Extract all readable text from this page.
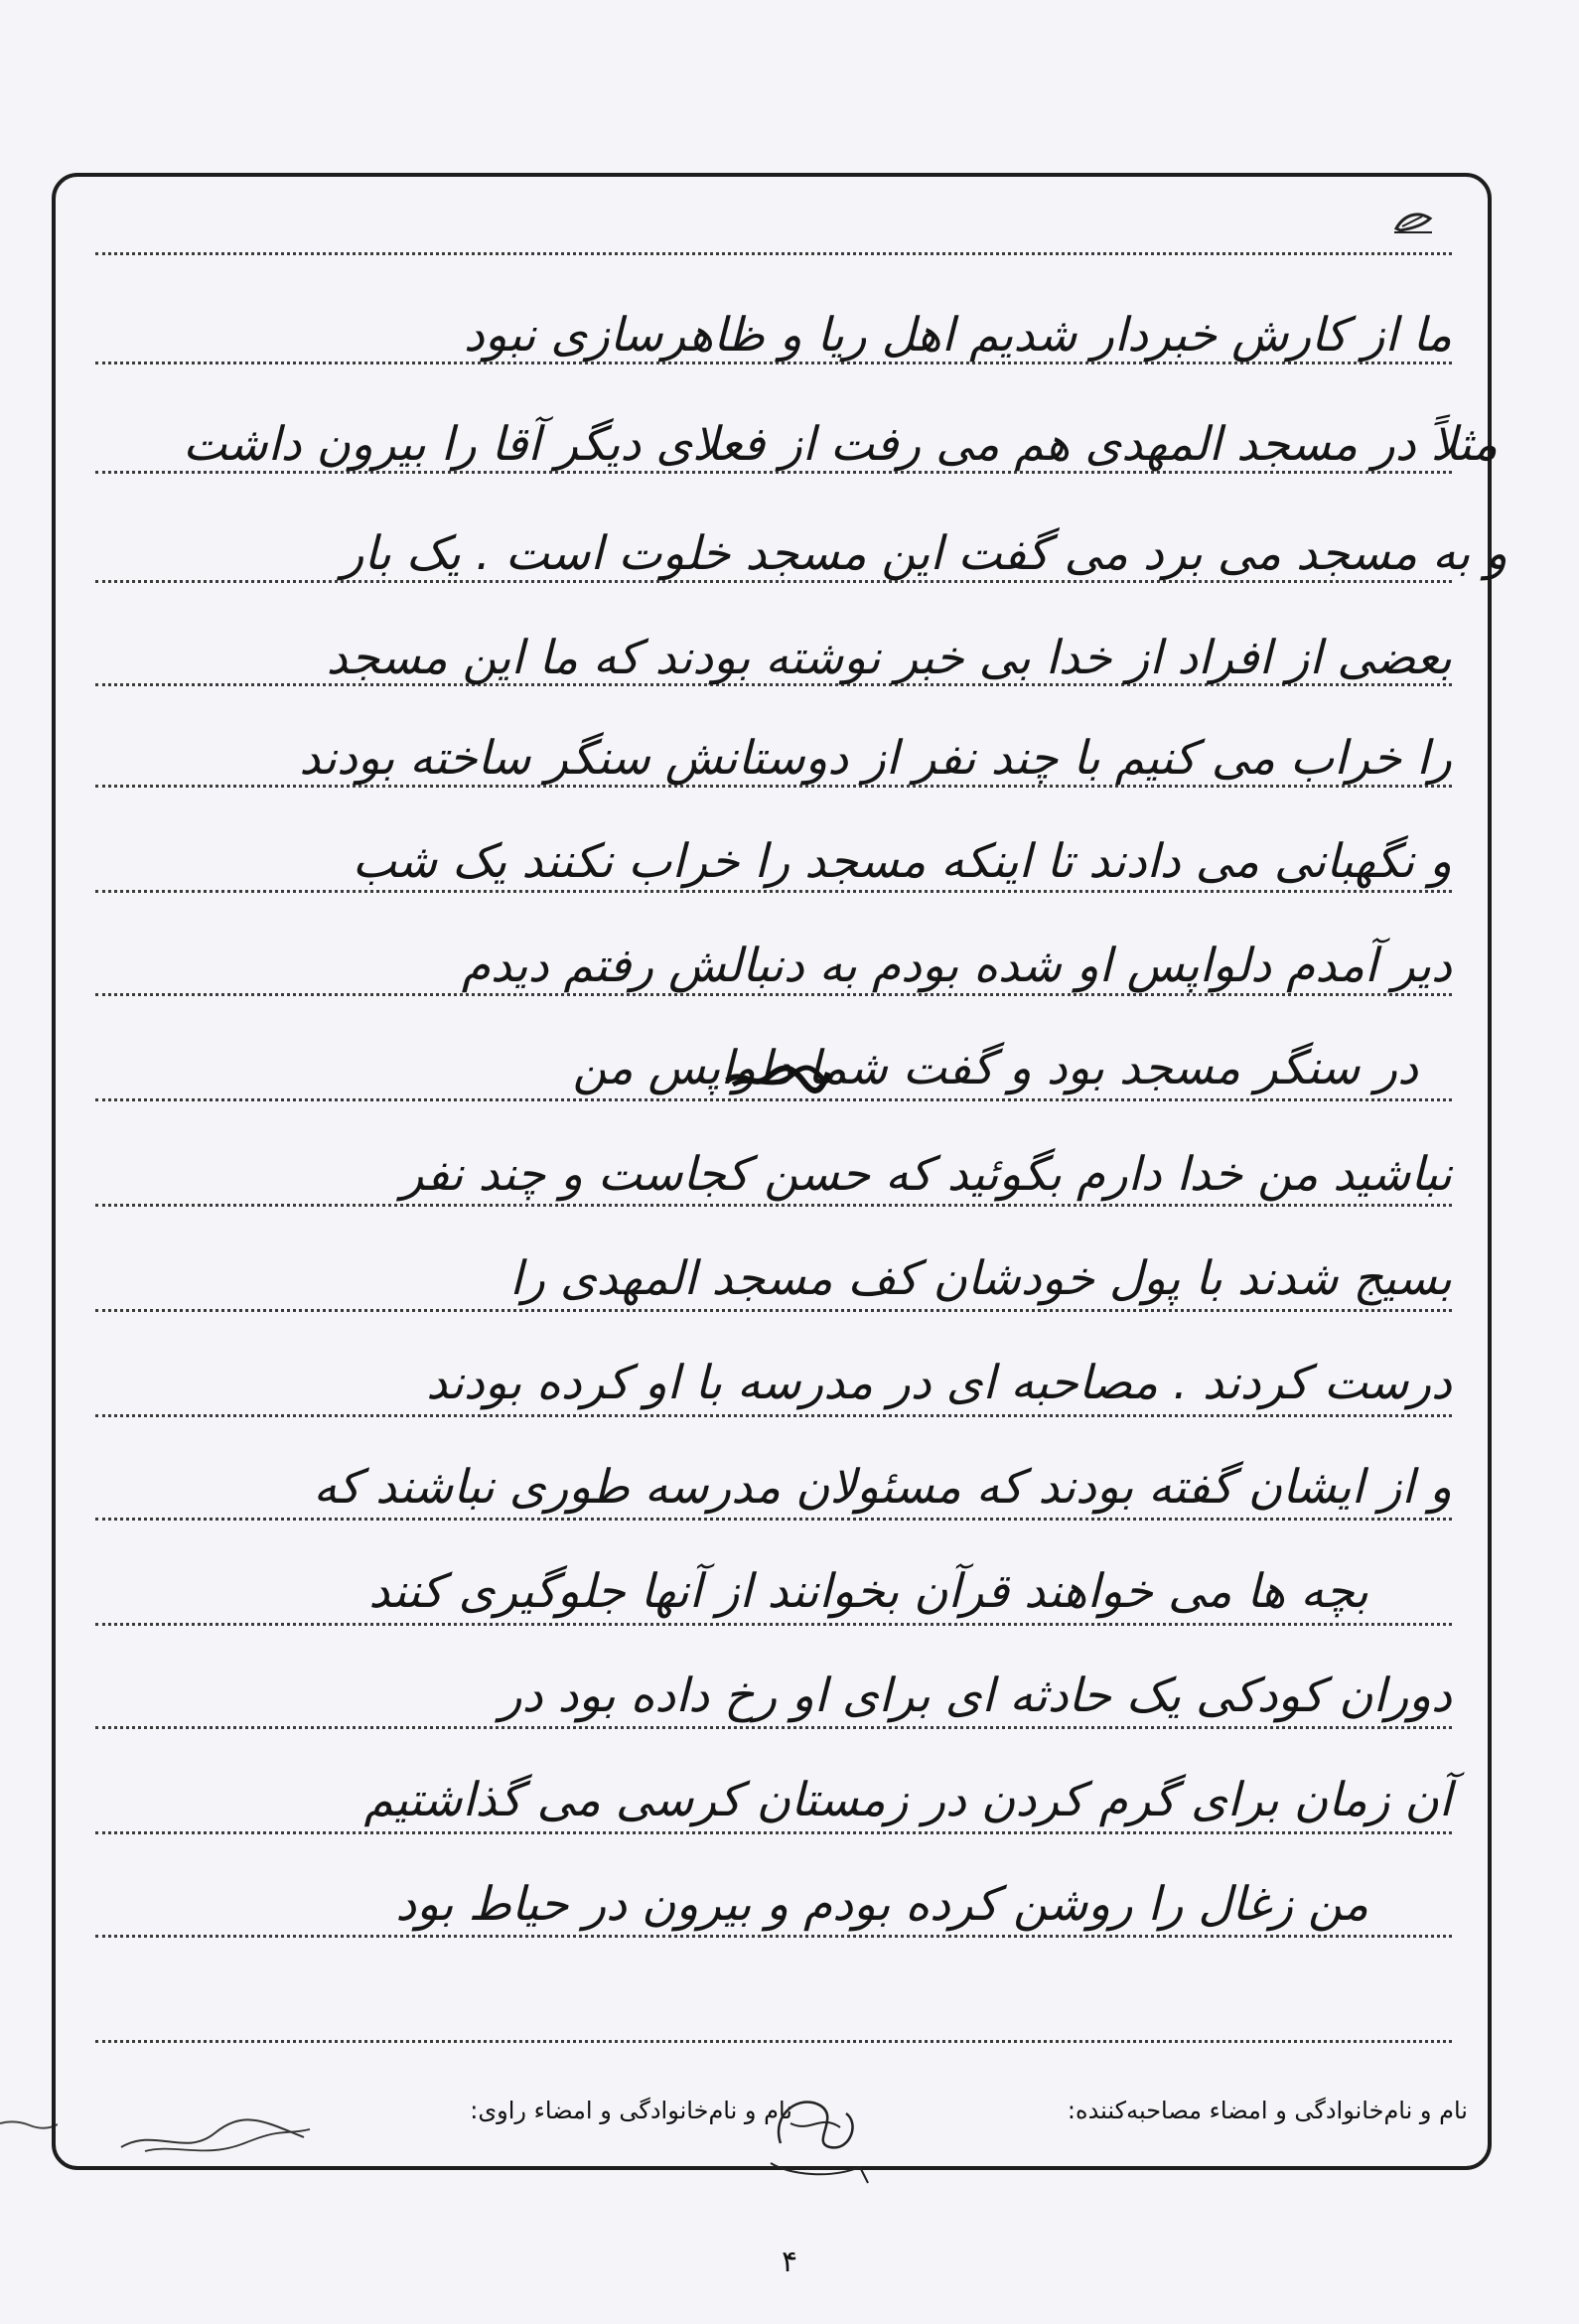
ما از کارش خبردار شدیم اهل ریا و ظاهرسازی نبود
مثلاً در مسجد المهدی هم می رفت از فعلای دیگر آقا را بیرون داشت
و به مسجد می برد می گفت این مسجد خلوت است . یک بار
بعضی از افراد از خدا بی خبر نوشته بودند که ما این مسجد
را خراب می کنیم با چند نفر از دوستانش سنگر ساخته بودند
و نگهبانی می دادند تا اینکه مسجد را خراب نکنند یک شب
دیر آمدم دلواپس او شده بودم به دنبالش رفتم دیدم
در سنگر مسجد بود و گفت شما دلواپس من
نباشید من خدا دارم بگوئید که حسن کجاست و چند نفر
بسیج شدند با پول خودشان کف مسجد المهدی را
درست کردند . مصاحبه ای در مدرسه با او کرده بودند
و از ایشان گفته بودند که مسئولان مدرسه طوری نباشند که
بچه ها می خواهند قرآن بخوانند از آنها جلوگیری کنند
دوران کودکی یک حادثه ای برای او رخ داده بود در
آن زمان برای گرم کردن در زمستان کرسی می گذاشتیم
من زغال را روشن کرده بودم و بیرون در حیاط بود
نام و نام‌خانوادگی و امضاء مصاحبه‌کننده:
نام و نام‌خانوادگی و امضاء راوی:
۴
